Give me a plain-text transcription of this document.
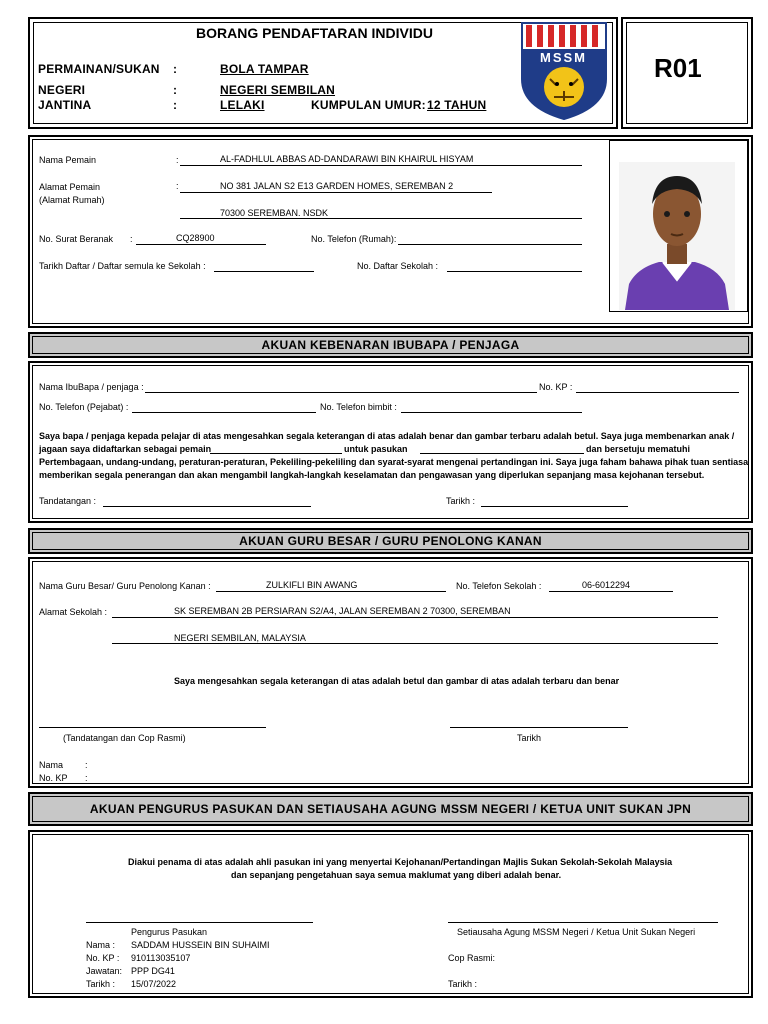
BORANG PENDAFTARAN INDIVIDU
PERMAINAN/SUKAN :	BOLA TAMPAR
NEGERI	:	NEGERI SEMBILAN
JANTINA	:	LELAKI	KUMPULAN UMUR: 12 TAHUN
MSSM	R01
Nama Pemain	:	AL-FADHLUL ABBAS AD-DANDARAWI BIN KHAIRUL HISYAM
Alamat Pemain
(Alamat Rumah)
:	NO 381 JALAN S2 E13 GARDEN HOMES, SEREMBAN 2
70300 SEREMBAN. NSDK
No. Surat Beranak :	CQ28900	No. Telefon (Rumah):
Tarikh Daftar / Daftar semula ke Sekolah :	No. Daftar Sekolah :
AKUAN KEBENARAN IBUBAPA / PENJAGA
Nama IbuBapa / penjaga :	No. KP :
No. Telefon (Pejabat) :	No. Telefon bimbit :
Saya bapa / penjaga kepada pelajar di atas mengesahkan segala keterangan di atas adalah benar dan gambar terbaru adalah betul. Saya juga membenarkan anak /
jagaan saya didaftarkan sebagai pemain	untuk pasukan	dan bersetuju mematuhi
Pertembagaan, undang-undang, peraturan-peraturan, Pekeliling-pekeliling dan syarat-syarat mengenai pertandingan ini. Saya juga faham bahawa pihak tuan sentiasa
memberikan segala penerangan dan akan mengambil langkah-langkah keselamatan dan pengawasan yang diperlukan sepanjang masa kejohanan tersebut.
Tandatangan :	Tarikh :
AKUAN GURU BESAR / GURU PENOLONG KANAN
Nama Guru Besar/ Guru Penolong Kanan :	ZULKIFLI BIN AWANG	No. Telefon Sekolah :	06-6012294
Alamat Sekolah :	SK SEREMBAN 2B PERSIARAN S2/A4, JALAN SEREMBAN 2 70300, SEREMBAN
NEGERI SEMBILAN, MALAYSIA
Saya mengesahkan segala keterangan di atas adalah betul dan gambar di atas adalah terbaru dan benar
(Tandatangan dan Cop Rasmi)	Tarikh
Nama :
No. KP :
AKUAN PENGURUS PASUKAN DAN SETIAUSAHA AGUNG MSSM NEGERI / KETUA UNIT SUKAN JPN
Diakui penama di atas adalah ahli pasukan ini yang menyertai Kejohanan/Pertandingan Majlis Sukan Sekolah-Sekolah Malaysia
dan sepanjang pengetahuan saya semua maklumat yang diberi adalah benar.
Pengurus Pasukan
Nama : SADDAM HUSSEIN BIN SUHAIMI
No. KP : 910113035107
Jawatan: PPP DG41
Tarikh : 15/07/2022
Setiausaha Agung MSSM Negeri / Ketua Unit Sukan Negeri
Cop Rasmi:
Tarikh :
